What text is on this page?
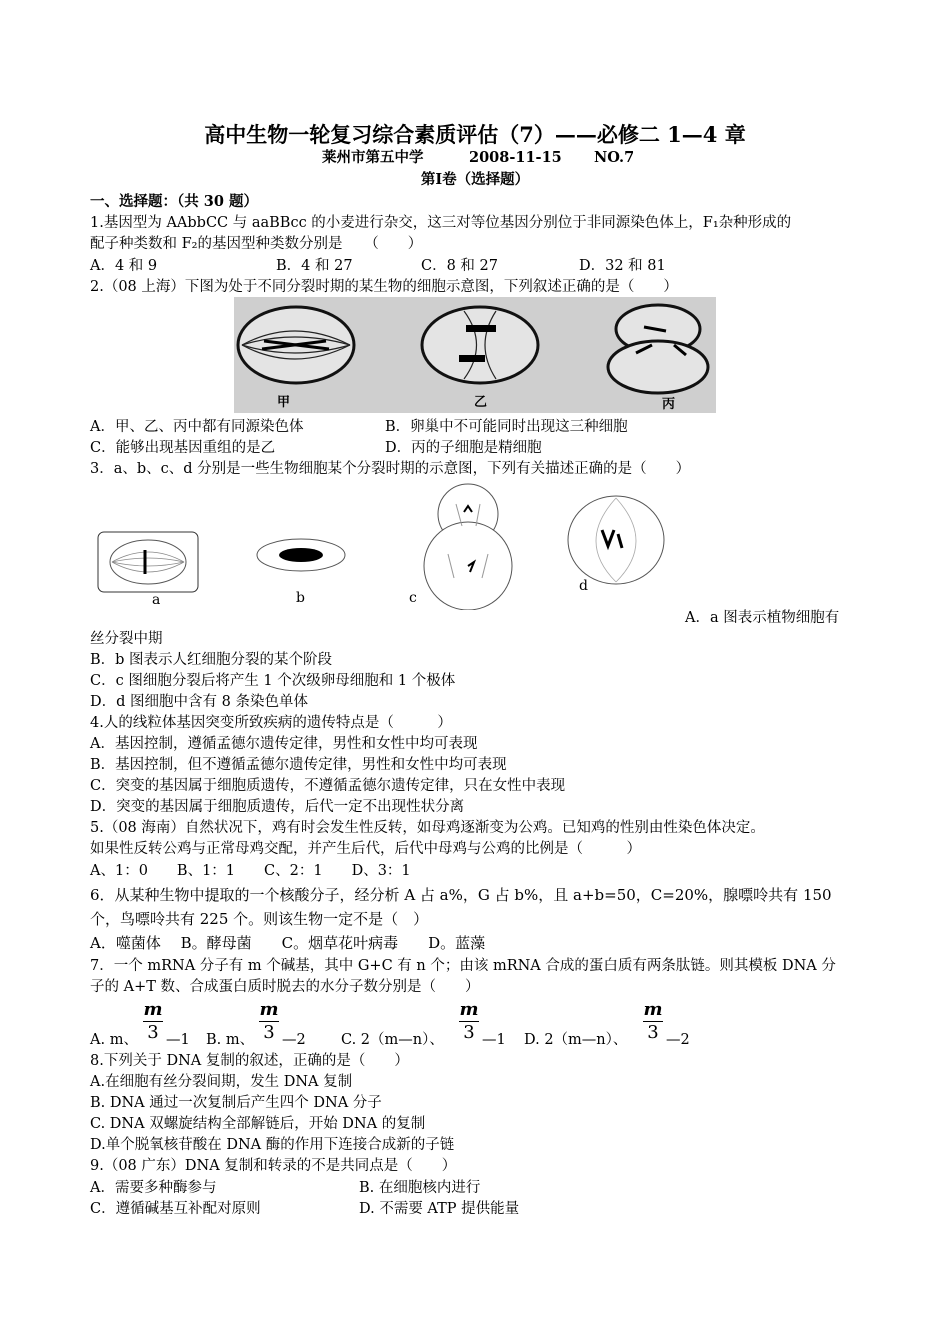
高中生物一轮复习综合素质评估（7）——必修二 1—4 章
莱州市第五中学	2008-11-15 NO.7
第Ⅰ卷（选择题）
一、选择题：（共 30 题）
1.基因型为 AAbbCC 与 aaBBcc 的小麦进行杂交，这三对等位基因分别位于非同源染色体上，F₁杂种形成的
配子种类数和 F₂的基因型种类数分别是　　（　　）
A．4 和 9	B．4 和 27	C．8 和 27	D．32 和 81
2.（08 上海）下图为处于不同分裂时期的某生物的细胞示意图，下列叙述正确的是（　　）
甲	乙	丙
A．甲、乙、丙中都有同源染色体	B．卵巢中不可能同时出现这三种细胞
C．能够出现基因重组的是乙	D．丙的子细胞是精细胞
3．a、b、c、d 分别是一些生物细胞某个分裂时期的示意图，下列有关描述正确的是（　　）
a	b	c
d
A．a 图表示植物细胞有
丝分裂中期
B．b 图表示人红细胞分裂的某个阶段
C．c 图细胞分裂后将产生 1 个次级卵母细胞和 1 个极体
D．d 图细胞中含有 8 条染色单体
4.人的线粒体基因突变所致疾病的遗传特点是（　　　）
A．基因控制，遵循孟德尔遗传定律，男性和女性中均可表现
B．基因控制，但不遵循孟德尔遗传定律，男性和女性中均可表现
C．突变的基因属于细胞质遗传，不遵循孟德尔遗传定律，只在女性中表现
D．突变的基因属于细胞质遗传，后代一定不出现性状分离
5.（08 海南）自然状况下，鸡有时会发生性反转，如母鸡逐渐变为公鸡。已知鸡的性别由性染色体决定。
如果性反转公鸡与正常母鸡交配，并产生后代，后代中母鸡与公鸡的比例是（　　　）
A、1：0　　B、1：1　　C、2：1　　D、3：1
6．从某种生物中提取的一个核酸分子，经分析 A 占 a%，G 占 b%，且 a+b=50，C=20%，腺嘌呤共有 150
个，鸟嘌呤共有 225 个。则该生物一定不是（　）
A．噬菌体　 B。酵母菌　　C。烟草花叶病毒　　D。蓝藻
7．一个 mRNA 分子有 m 个碱基，其中 G+C 有 n 个；由该 mRNA 合成的蛋白质有两条肽链。则其模板 DNA 分
子的 A+T 数、合成蛋白质时脱去的水分子数分别是（　　）
A. m、
m
3 —1 B. m、
m
3 —2 C. 2（m—n）、
m
3 —1 D. 2（m—n）、
m
3 —2
8.下列关于 DNA 复制的叙述，正确的是（　　）
A.在细胞有丝分裂间期，发生 DNA 复制
B. DNA 通过一次复制后产生四个 DNA 分子
C. DNA 双螺旋结构全部解链后，开始 DNA 的复制
D.单个脱氧核苷酸在 DNA 酶的作用下连接合成新的子链
9.（08 广东）DNA 复制和转录的不是共同点是（　　）
A．需要多种酶参与	B. 在细胞核内进行
C．遵循碱基互补配对原则	D. 不需要 ATP 提供能量
